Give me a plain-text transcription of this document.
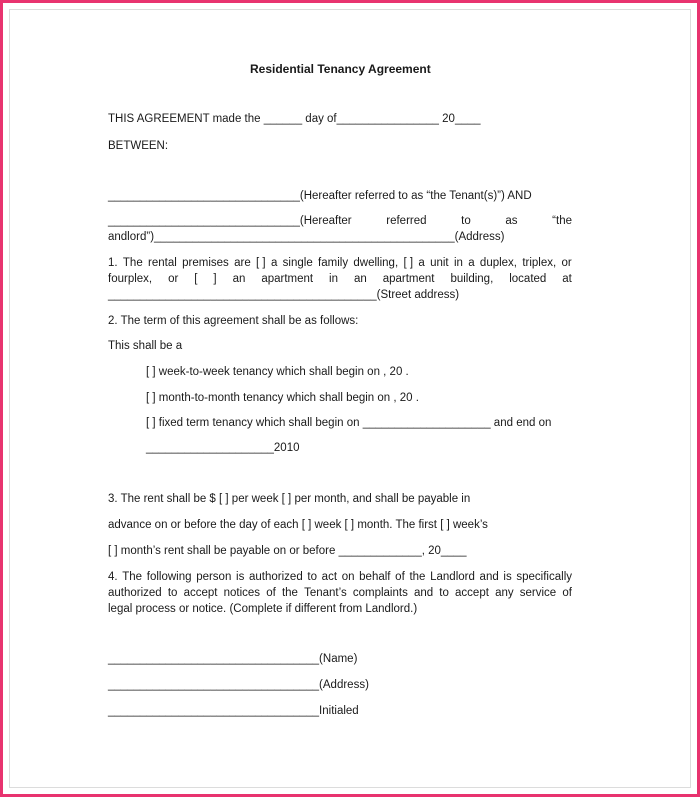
Residential Tenancy Agreement
THIS AGREEMENT made the ______ day of________________ 20____
BETWEEN:
______________________________(Hereafter referred to as “the Tenant(s)”) AND
______________________________(Hereafter	referred	to	as	“the
andlord”)_______________________________________________(Address)
1. The rental premises are [ ] a single family dwelling, [ ] a unit in a duplex, triplex, or
fourplex, or [ ] an apartment in an apartment building, located at
__________________________________________(Street address)
2. The term of this agreement shall be as follows:
This shall be a
[ ] week-to-week tenancy which shall begin on , 20 .
[ ] month-to-month tenancy which shall begin on , 20 .
[ ] fixed term tenancy which shall begin on ____________________ and end on
____________________2010
3. The rent shall be $ [ ] per week [ ] per month, and shall be payable in
advance on or before the day of each [ ] week [ ] month. The first [ ] week’s
[ ] month’s rent shall be payable on or before _____________, 20____
4. The following person is authorized to act on behalf of the Landlord and is specifically
authorized to accept notices of the Tenant’s complaints and to accept any service of
legal process or notice. (Complete if different from Landlord.)
_________________________________(Name)
_________________________________(Address)
_________________________________Initialed
